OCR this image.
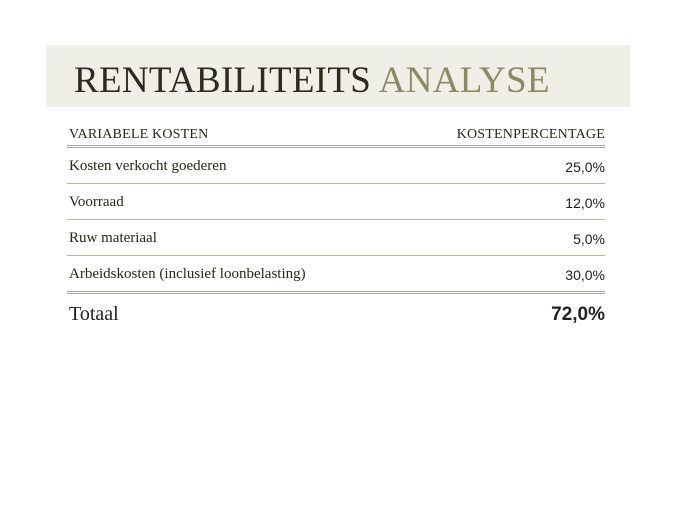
RENTABILITEITS ANALYSE
VARIABELE KOSTEN	KOSTENPERCENTAGE
Kosten verkocht goederen	25,0%
Voorraad	12,0%
Ruw materiaal	5,0%
Arbeidskosten (inclusief loonbelasting)	30,0%
Totaal	72,0%
